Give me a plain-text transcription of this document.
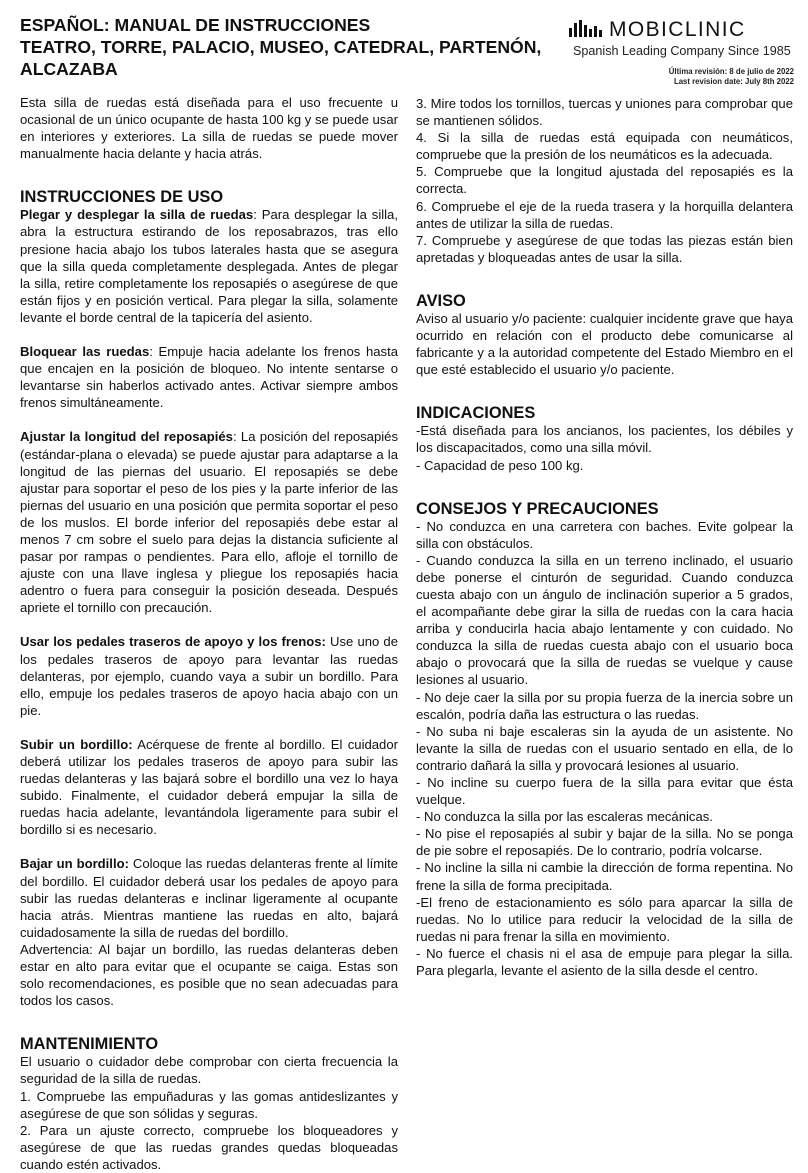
ESPAÑOL: MANUAL DE INSTRUCCIONES
TEATRO, TORRE, PALACIO, MUSEO, CATEDRAL, PARTENÓN,
ALCAZABA
MOBICLINIC
Spanish Leading Company Since 1985
Última revisión: 8 de julio de 2022
Last revision date: July 8th 2022

Esta silla de ruedas está diseñada para el uso frecuente u ocasional de un único ocupante de hasta 100 kg y se puede usar en interiores y exteriores. La silla de ruedas se puede mover manualmente hacia delante y hacia atrás.

INSTRUCCIONES DE USO

Plegar y desplegar la silla de ruedas: Para desplegar la silla, abra la estructura estirando de los reposabrazos, tras ello presione hacia abajo los tubos laterales hasta que se asegura que la silla queda completamente desplegada. Antes de plegar la silla, retire completamente los reposapiés o asegúrese de que están fijos y en posición vertical. Para plegar la silla, solamente levante el borde central de la tapicería del asiento.

Bloquear las ruedas: Empuje hacia adelante los frenos hasta que encajen en la posición de bloqueo. No intente sentarse o levantarse sin haberlos activado antes. Activar siempre ambos frenos simultáneamente.

Ajustar la longitud del reposapiés: La posición del reposapiés (estándar-plana o elevada) se puede ajustar para adaptarse a la longitud de las piernas del usuario. El reposapiés se debe ajustar para soportar el peso de los pies y la parte inferior de las piernas del usuario en una posición que permita soportar el peso de los muslos. El borde inferior del reposapiés debe estar al menos 7 cm sobre el suelo para dejas la distancia suficiente al pasar por rampas o pendientes. Para ello, afloje el tornillo de ajuste con una llave inglesa y pliegue los reposapiés hacia adentro o fuera para conseguir la posición deseada. Después apriete el tornillo con precaución.

Usar los pedales traseros de apoyo y los frenos: Use uno de los pedales traseros de apoyo para levantar las ruedas delanteras, por ejemplo, cuando vaya a subir un bordillo. Para ello, empuje los pedales traseros de apoyo hacia abajo con un pie.

Subir un bordillo: Acérquese de frente al bordillo. El cuidador deberá utilizar los pedales traseros de apoyo para subir las ruedas delanteras y las bajará sobre el bordillo una vez lo haya subido. Finalmente, el cuidador deberá empujar la silla de ruedas hacia adelante, levantándola ligeramente para subir el bordillo si es necesario.

Bajar un bordillo: Coloque las ruedas delanteras frente al límite del bordillo. El cuidador deberá usar los pedales de apoyo para subir las ruedas delanteras e inclinar ligeramente al ocupante hacia atrás. Mientras mantiene las ruedas en alto, bajará cuidadosamente la silla de ruedas del bordillo.

Advertencia: Al bajar un bordillo, las ruedas delanteras deben estar en alto para evitar que el ocupante se caiga. Estas son solo recomendaciones, es posible que no sean adecuadas para todos los casos.

MANTENIMIENTO

El usuario o cuidador debe comprobar con cierta frecuencia la seguridad de la silla de ruedas.

1. Compruebe las empuñaduras y las gomas antideslizantes y asegúrese de que son sólidas y seguras.

2. Para un ajuste correcto, compruebe los bloqueadores y asegúrese de que las ruedas grandes quedas bloqueadas cuando estén activados.

3. Mire todos los tornillos, tuercas y uniones para comprobar que se mantienen sólidos.

4. Si la silla de ruedas está equipada con neumáticos, compruebe que la presión de los neumáticos es la adecuada.

5. Compruebe que la longitud ajustada del reposapiés es la correcta.

6. Compruebe el eje de la rueda trasera y la horquilla delantera antes de utilizar la silla de ruedas.

7. Compruebe y asegúrese de que todas las piezas están bien apretadas y bloqueadas antes de usar la silla.

AVISO

Aviso al usuario y/o paciente: cualquier incidente grave que haya ocurrido en relación con el producto debe comunicarse al fabricante y a la autoridad competente del Estado Miembro en el que esté establecido el usuario y/o paciente.

INDICACIONES

-Está diseñada para los ancianos, los pacientes, los débiles y los discapacitados, como una silla móvil.

- Capacidad de peso 100 kg.

CONSEJOS Y PRECAUCIONES

- No conduzca en una carretera con baches. Evite golpear la silla con obstáculos.

- Cuando conduzca la silla en un terreno inclinado, el usuario debe ponerse el cinturón de seguridad. Cuando conduzca cuesta abajo con un ángulo de inclinación superior a 5 grados, el acompañante debe girar la silla de ruedas con la cara hacia arriba y conducirla hacia abajo lentamente y con cuidado. No conduzca la silla de ruedas cuesta abajo con el usuario boca abajo o provocará que la silla de ruedas se vuelque y cause lesiones al usuario.

- No deje caer la silla por su propia fuerza de la inercia sobre un escalón, podría daña las estructura o las ruedas.

- No suba ni baje escaleras sin la ayuda de un asistente. No levante la silla de ruedas con el usuario sentado en ella, de lo contrario dañará la silla y provocará lesiones al usuario.

- No incline su cuerpo fuera de la silla para evitar que ésta vuelque.

- No conduzca la silla por las escaleras mecánicas.

- No pise el reposapiés al subir y bajar de la silla. No se ponga de pie sobre el reposapiés. De lo contrario, podría volcarse.

- No incline la silla ni cambie la dirección de forma repentina. No frene la silla de forma precipitada.

-El freno de estacionamiento es sólo para aparcar la silla de ruedas. No lo utilice para reducir la velocidad de la silla de ruedas ni para frenar la silla en movimiento.

- No fuerce el chasis ni el asa de empuje para plegar la silla. Para plegarla, levante el asiento de la silla desde el centro.
